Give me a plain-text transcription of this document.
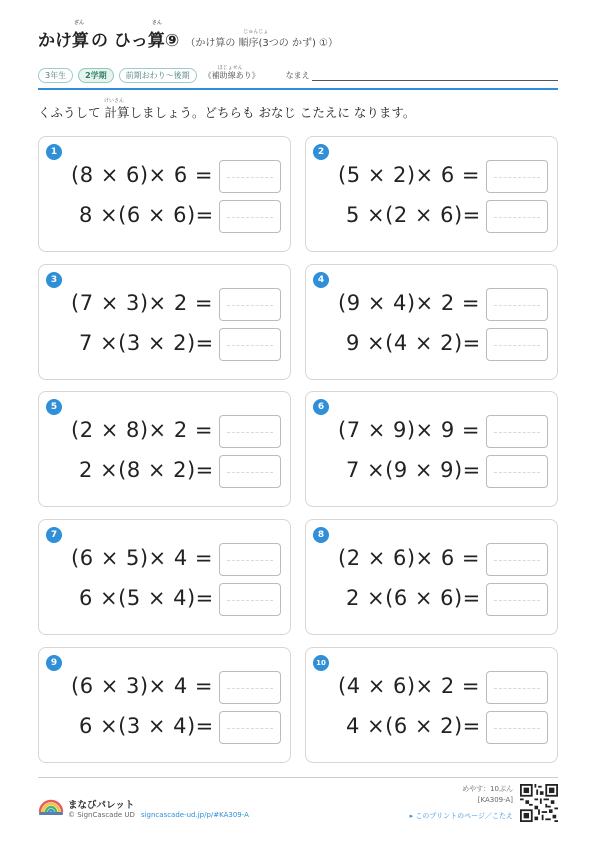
かけ
ざん
算 の ひっ
さん
算 ⑨	じゅんじょ
（かけ算の 順序(3つの かず) ①）
3年生	2学期	前期おわり～後期
ほじょせん
《補助線あり》	なまえ
けいさん
くふうして 計算しましょう。どちらも おなじ こたえに なります。
1
(8 × 6)× 6 =
8 ×(6 × 6)=
2
(5 × 2)× 6 =
5 ×(2 × 6)=
3
(7 × 3)× 2 =
7 ×(3 × 2)=
4
(9 × 4)× 2 =
9 ×(4 × 2)=
5
(2 × 8)× 2 =
2 ×(8 × 2)=
6
(7 × 9)× 9 =
7 ×(9 × 9)=
7
(6 × 5)× 4 =
6 ×(5 × 4)=
8
(2 × 6)× 6 =
2 ×(6 × 6)=
9
(6 × 3)× 4 =
6 ×(3 × 4)=
10
(4 × 6)× 2 =
4 ×(6 × 2)=
まなびパレット
© SignCascade UD signcascade-ud.jp/p/#KA309-A
めやす：10ぷん
[KA309-A]
▸ このプリントのページ／こたえ
